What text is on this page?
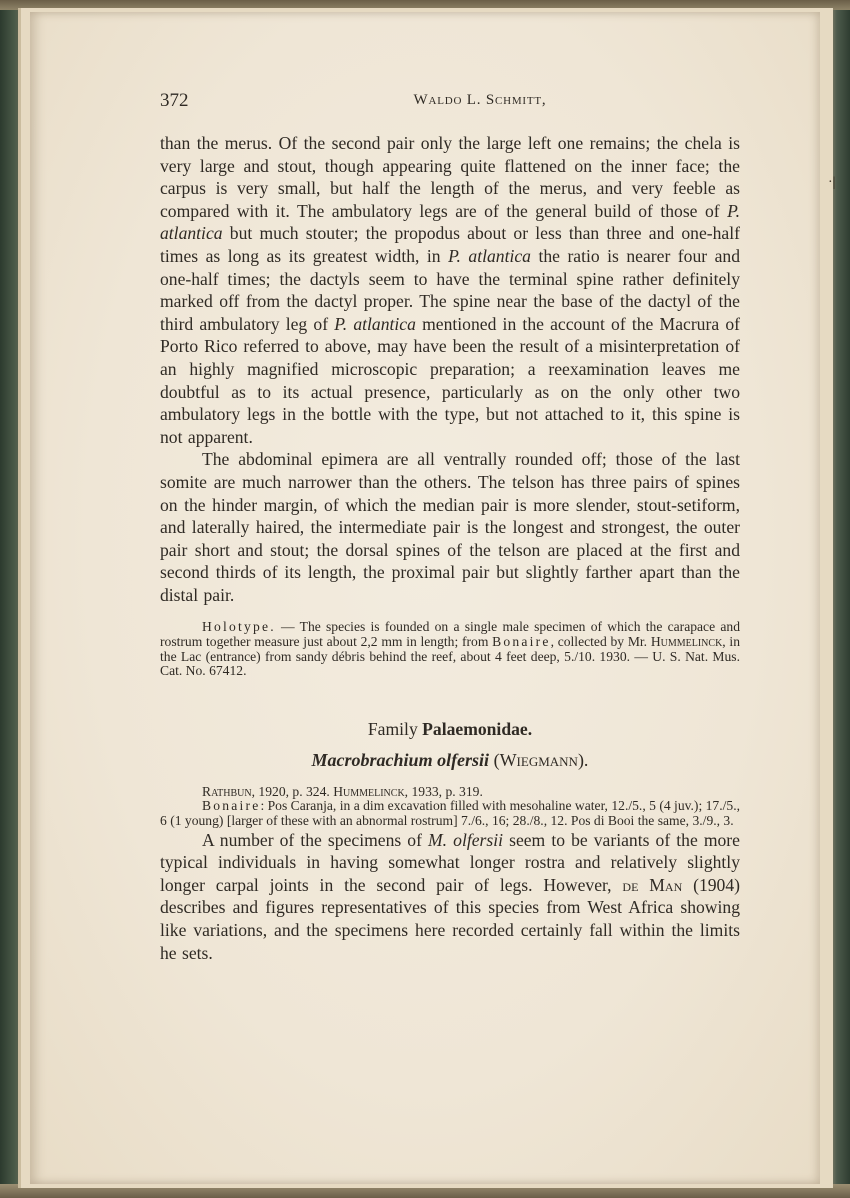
372	Waldo L. Schmitt,

than the merus. Of the second pair only the large left one remains; the chela is very large and stout, though appearing quite flattened on the inner face; the carpus is very small, but half the length of the merus, and very feeble as compared with it. The ambulatory legs are of the general build of those of P. atlantica but much stouter; the propodus about or less than three and one-half times as long as its greatest width, in P. atlantica the ratio is nearer four and one-half times; the dactyls seem to have the terminal spine rather definitely marked off from the dactyl proper. The spine near the base of the dactyl of the third ambulatory leg of P. atlantica mentioned in the account of the Macrura of Porto Rico referred to above, may have been the result of a misinterpretation of an highly magnified microscopic preparation; a reexamination leaves me doubtful as to its actual presence, particularly as on the only other two ambulatory legs in the bottle with the type, but not attached to it, this spine is not apparent.

The abdominal epimera are all ventrally rounded off; those of the last somite are much narrower than the others. The telson has three pairs of spines on the hinder margin, of which the median pair is more slender, stout-setiform, and laterally haired, the intermediate pair is the longest and strongest, the outer pair short and stout; the dorsal spines of the telson are placed at the first and second thirds of its length, the proximal pair but slightly farther apart than the distal pair.

Holotype. — The species is founded on a single male specimen of which the carapace and rostrum together measure just about 2,2 mm in length; from Bonaire, collected by Mr. Hummelinck, in the Lac (entrance) from sandy débris behind the reef, about 4 feet deep, 5./10. 1930. — U. S. Nat. Mus. Cat. No. 67412.

Family Palaemonidae.
Macrobrachium olfersii (Wiegmann).

Rathbun, 1920, p. 324. Hummelinck, 1933, p. 319.

Bonaire: Pos Caranja, in a dim excavation filled with mesohaline water, 12./5., 5 (4 juv.); 17./5., 6 (1 young) [larger of these with an abnormal rostrum] 7./6., 16; 28./8., 12. Pos di Booi the same, 3./9., 3.

A number of the specimens of M. olfersii seem to be variants of the more typical individuals in having somewhat longer rostra and relatively slightly longer carpal joints in the second pair of legs. However, de Man (1904) describes and figures representatives of this species from West Africa showing like variations, and the specimens here recorded certainly fall within the limits he sets.

·|
